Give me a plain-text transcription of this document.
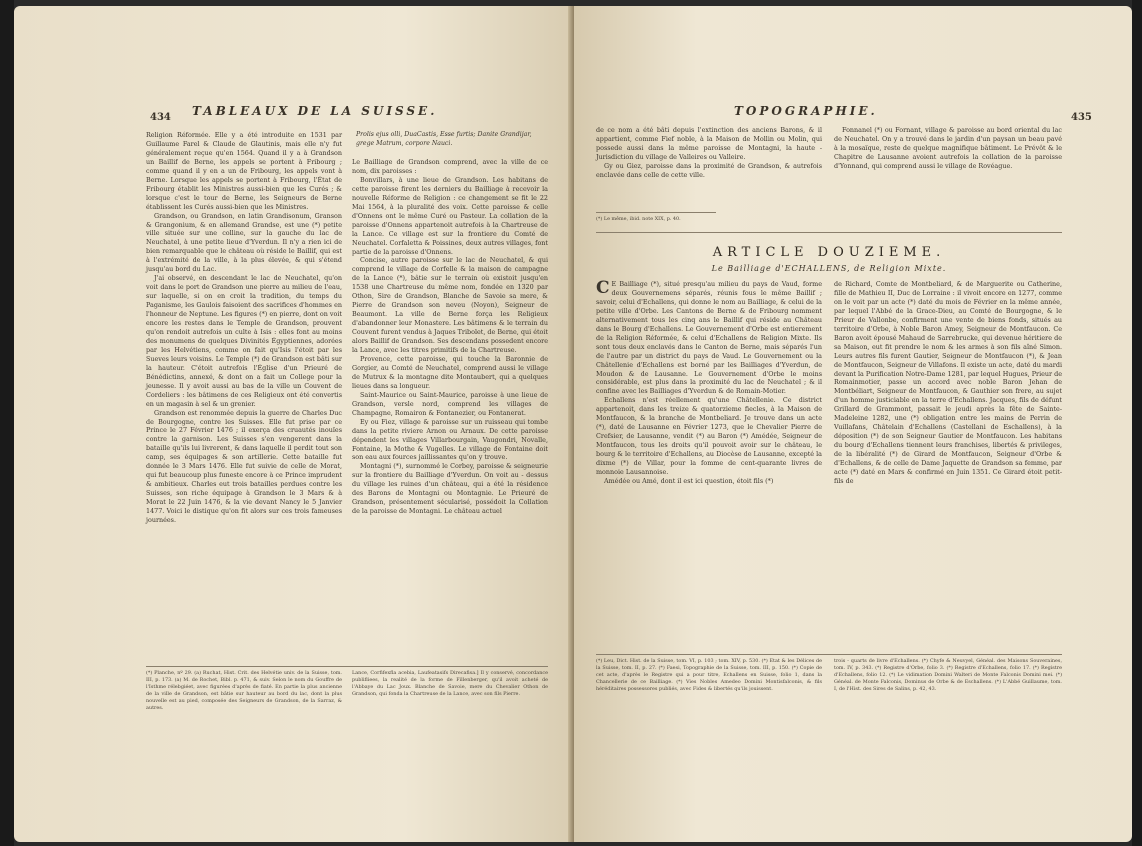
434 TABLEAUX DE LA SUISSE.

Religion Réformée. Elle y a été introduite en 1531 par Guillaume Farel & Claude de Glautinis, mais elle n'y fut généralement reçue qu'en 1564. Quand il y a à Grandson un Baillif de Berne, les appels se portent à Fribourg ; comme quand il y en a un de Fribourg, les appels vont à Berne. Lorsque les appels se portent à Fribourg, l'État de Fribourg établit les Ministres aussi-bien que les Curés ; & lorsque c'est le tour de Berne, les Seigneurs de Berne établissent les Curés aussi-bien que les Ministres.

Grandson, ou Grandson, en latin Grandisonum, Granson & Grangonium, & en allemand Grandse, est une (*) petite ville située sur une colline, sur la gauche du lac de Neuchatel, à une petite lieue d'Yverdun. Il n'y a rien ici de bien remarquable que le château où réside le Baillif, qui est à l'extrémité de la ville, à la plus élevée, & qui s'étend jusqu'au bord du Lac.

J'ai observé, en descendant le lac de Neuchatel, qu'on voit dans le port de Grandson une pierre au milieu de l'eau, sur laquelle, si on en croit la tradition, du temps du Paganisme, les Gaulois faisoient des sacrifices d'hommes en l'honneur de Neptune. Les figures (*) en pierre, dont on voit encore les restes dans le Temple de Grandson, prouvent qu'on rendoit autrefois un culte à Isis : elles font au moins des monumens de quelques Divinités Égyptiennes, adorées par les Helvétiens, comme on fait qu'Isis l'étoit par les Sueves leurs voisins. Le Temple (*) de Grandson est bâti sur la hauteur. C'étoit autrefois l'Église d'un Prieuré de Bénédictins, annexé, & dont on a fait un College pour la jeunesse. Il y avoit aussi au bas de la ville un Couvent de Cordeliers : les bâtimens de ces Religieux ont été convertis en un magasin à sel & un grenier.

Grandson est renommée depuis la guerre de Charles Duc de Bourgogne, contre les Suisses. Elle fut prise par ce Prince le 27 Février 1476 ; il exerça des cruautés inouïes contre la garnison. Les Suisses s'en vengerent dans la bataille qu'ils lui livrerent, & dans laquelle il perdit tout son camp, ses équipages & son artillerie. Cette bataille fut donnée le 3 Mars 1476. Elle fut suivie de celle de Morat, qui fut beaucoup plus funeste encore à ce Prince imprudent & ambitieux. Charles eut trois batailles perdues contre les Suisses, son riche équipage à Grandson le 3 Mars & à Morat le 22 Juin 1476, & la vie devant Nancy le 5 Janvier 1477. Voici le distique qu'on fit alors sur ces trois fameuses journées.

Prolis ejus olli, DuaCastis, Esse furtis; Danite Grandijar, grege Matrum, corpore Nauci.

Le Bailliage de Grandson comprend, avec la ville de ce nom, dix paroisses :

Bonvillars, à une lieue de Grandson. Les habitans de cette paroisse firent les derniers du Bailliage à recevoir la nouvelle Réforme de Religion : ce changement se fit le 22 Mai 1564, à la pluralité des voix. Cette paroisse & celle d'Onnens ont le même Curé ou Pasteur. La collation de la paroisse d'Onnens appartenoit autrefois à la Chartreuse de la Lance. Ce village est sur la frontiere du Comté de Neuchatel. Corfaletta & Poissines, deux autres villages, font partie de la paroisse d'Onnens.

Concise, autre paroisse sur le lac de Neuchatel, & qui comprend le village de Corfelle & la maison de campagne de la Lance (*), bâtie sur le terrain où existoit jusqu'en 1538 une Chartreuse du même nom, fondée en 1320 par Othon, Sire de Grandson, Blanche de Savoie sa mere, & Pierre de Grandson son neveu (Noyon), Seigneur de Beaumont. La ville de Berne força les Religieux d'abandonner leur Monastere. Les bâtimens & le terrain du Couvent furent vendus à Jaques Tribolet, de Berne, qui étoit alors Baillif de Grandson. Ses descendans possedent encore la Lance, avec les titres primitifs de la Chartreuse.

Provence, cette paroisse, qui touche la Baronnie de Gorgier, au Comté de Neuchatel, comprend aussi le village de Mutrux & la montagne dite Montaubert, qui a quelques lieues dans sa longueur.

Saint-Maurice ou Saint-Maurice, paroisse à une lieue de Grandson, versle nord, comprend les villages de Champagne, Romairon & Fontanezier, ou Fontanerat.

Ey ou Fiez, village & paroisse sur un ruisseau qui tombe dans la petite riviere Arnon ou Arnaux. De cette paroisse dépendent les villages Villarbourgain, Vaugondri, Novalle, Fontaine, la Mothe & Vugelles. Le village de Fontaine doit son eau aux fources jaillissantes qu'on y trouve.

Montagni (*), surnommé le Corbey, paroisse & seigneurie sur la frontiere du Bailliage d'Yverdun. On voit au - dessus du village les ruines d'un château, qui a été la résidence des Barons de Montagni ou Montagnie. Le Prieuré de Grandson, présentement sécularisé, possédoit la Collation de la paroisse de Montagni. Le château actuel

(*) Planche, nº 29. (a) Ruchat, Hist. Crit. des Helvétie univ. de la Suisse, tom. III, p. 173. (a) M. de Rochet, Bibl. p. 471, & suiv. Selon le nom du Gouffre de l'Isthme rélebgiéet, avec figurées d'après de fiaté. En partie la plus ancienne de la ville de Grandson, est bâtie sur hauteur au bord du lac, dont la plus nouvelle est au pied, composée des Seigneurs de Grandson, de la Sarraz, & autres.
Lance, Corfifexfla acebia, Laufeatasifs Direcafisa.] Il y conservé, concordance publifliees, la realité de la forme de Fillenberger, qu'il avoit acheté de l'Abbaye du Lac Joux. Blanche de Savoie, mere du Chevalier Othon de Grandson, qui fonda la Chartreuse de la Lance, avec son fils Pierre.
TOPOGRAPHIE.	435

de ce nom a été bâti depuis l'extinction des anciens Barons, & il appartient, comme Fief noble, à la Maison de Mollin ou Molin, qui possede aussi dans la même paroisse de Montagni, la haute - Jurisdiction du village de Valleires ou Valleire.

Gy ou Giez, paroisse dans la proximité de Grandson, & autrefois enclavée dans celle de cette ville.

Fonnanel (*) ou Fornant, village & paroisse au bord oriental du lac de Neuchatel. On y a trouvé dans le jardin d'un paysan un beau pavé à la mosaïque, reste de quelque magnifique bâtiment. Le Prévôt & le Chapitre de Lausanne avoient autrefois la collation de la paroisse d'Yonnand, qui comprend aussi le village de Rovéague.

(*) Le même, ibid. note XIX, p. 40.
ARTICLE DOUZIEME.
Le Bailliage d'ECHALLENS, de Religion Mixte.

C E Bailliage (*), situé presqu'au milieu du pays de Vaud, forme deux Gouvernemens séparés, réunis fous le même Baillif ; savoir, celui d'Echallens, qui donne le nom au Bailliage, & celui de la petite ville d'Orbe. Les Cantons de Berne & de Fribourg nomment alternativement tous les cinq ans le Baillif qui réside au Château dans le Bourg d'Echallens. Le Gouvernement d'Orbe est entierement de la Religion Réformée, & celui d'Echallens de Religion Mixte. Ils sont tous deux enclavés dans le Canton de Berne, mais séparés l'un de l'autre par un district du pays de Vaud. Le Gouvernement ou la Châtellenie d'Echallens est borné par les Bailliages d'Yverdun, de Moudon & de Lausanne. Le Gouvernement d'Orbe le moins considérable, est plus dans la proximité du lac de Neuchatel ; & il confine avec les Bailliages d'Yverdun & de Romain-Motier.

Echallens n'est réellement qu'une Châtellenie. Ce district appartenoit, dans les treize & quatorzieme fiecles, à la Maison de Montfaucon, & la branche de Montbeliard. Je trouve dans un acte (*), daté de Lausanne en Février 1273, que le Chevalier Pierre de Crefsier, de Lausanne, vendit (*) au Baron (*) Amédée, Seigneur de Montfaucon, tous les droits qu'il pouvoit avoir sur le château, le bourg & le territoire d'Echallens, au Diocèse de Lausanne, excepté la dixme (*) de Villar, pour la fomme de cent-quarante livres de monnoie Lausannoise.

Amédée ou Amé, dont il est ici question, étoit fils (*)

de Richard, Comte de Montbeliard, & de Marguerite ou Catherine, fille de Mathieu II, Duc de Lorraine : il vivoit encore en 1277, comme on le voit par un acte (*) daté du mois de Février en la même année, par lequel l'Abbé de la Grace-Dieu, au Comté de Bourgogne, & le Prieur de Vallonbe, confirment une vente de biens fonds, situés au territoire d'Orbe, à Noble Baron Amey, Seigneur de Montfaucon. Ce Baron avoit épousé Mahaud de Sarrebrucke, qui devenue héritiere de sa Maison, eut fit prendre le nom & les armes à son fils aîné Simon. Leurs autres fils furent Gautier, Seigneur de Montfaucon (*), & Jean de Montfaucon, Seigneur de Villafons. Il existe un acte, daté du mardi devant la Purification Notre-Dame 1281, par lequel Hugues, Prieur de Romainmotier, passe un accord avec noble Baron Jehan de Montbéliart, Seigneur de Montfaucon, & Gauthier son frere, au sujet d'un homme justiciable en la terre d'Echallens. Jacques, fils de défunt Grillard de Grammont, passait le jeudi après la fête de Sainte-Madeleine 1282, une (*) obligation entre les mains de Perrin de Vuillafans, Châtelain d'Echallens (Castellani de Eschallens), à la déposition (*) de son Seigneur Gautier de Montfaucon. Les habitans du bourg d'Echallens tiennent leurs franchises, libertés & privileges, de la libéralité (*) de Girard de Montfaucon, Seigneur d'Orbe & d'Echallens, & de celle de Dame Jaquette de Grandson sa femme, par acte (*) daté en Mars & confirmé en Juin 1351. Ce Girard étoit petit-fils de

(*) Leu, Dict. Hist. de la Suisse, tom. VI, p. 103 ; tom. XIV, p. 530. (*) Etat & les Délices de la Suisse, tom. II, p. 27. (*) Faesi, Topographie de la Suisse, tom. III, p. 150. (*) Copie de cet acte, d'après le Registre qui a pour titre, Echallens en Suisse, folio 1, dans la Chancellerie de ce Bailliage. (*) Vies Nobles Amedeo Domini Montisfalconis, & fils héréditaires possessores publiés, avec Fides & libertés qu'ils jouissent.
trois - quarts de livre d'Echallens. (*) Chyfe & Neuvyel, Généal. des Maisons Souveraines, tom. IV, p. 343. (*) Registre d'Orbe, folio 3. (*) Registre d'Echallens, folio 17. (*) Registre d'Echallens, folio 12. (*) Le vidimation Domini Walteri de Monte Falconis Domini mei. (*) Généal. de Monte Falconis, Dominus de Orbe & de Eschallens. (*) L'Abbé Guillaume, tom. I, de l'Hist. des Sires de Salins, p. 42, 43.
